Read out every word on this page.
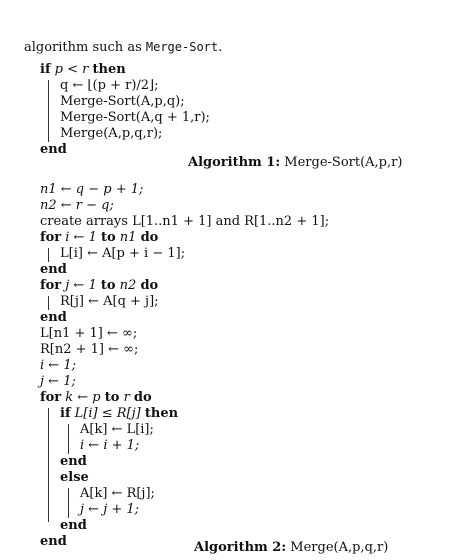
algorithm such as Merge-Sort.
if p < r then
q ← ⌊(p + r)/2⌋;
Merge-Sort(A,p,q);
Merge-Sort(A,q + 1,r);
Merge(A,p,q,r);
end
Algorithm 1: Merge-Sort(A,p,r)
n1 ← q − p + 1;
n2 ← r − q;
create arrays L[1..n1 + 1] and R[1..n2 + 1];
for i ← 1 to n1 do
L[i] ← A[p + i − 1];
end
for j ← 1 to n2 do
R[j] ← A[q + j];
end
L[n1 + 1] ← ∞;
R[n2 + 1] ← ∞;
i ← 1;
j ← 1;
for k ← p to r do
if L[i] ≤ R[j] then
A[k] ← L[i];
i ← i + 1;
end
else
A[k] ← R[j];
j ← j + 1;
end
end	Algorithm 2: Merge(A,p,q,r)
